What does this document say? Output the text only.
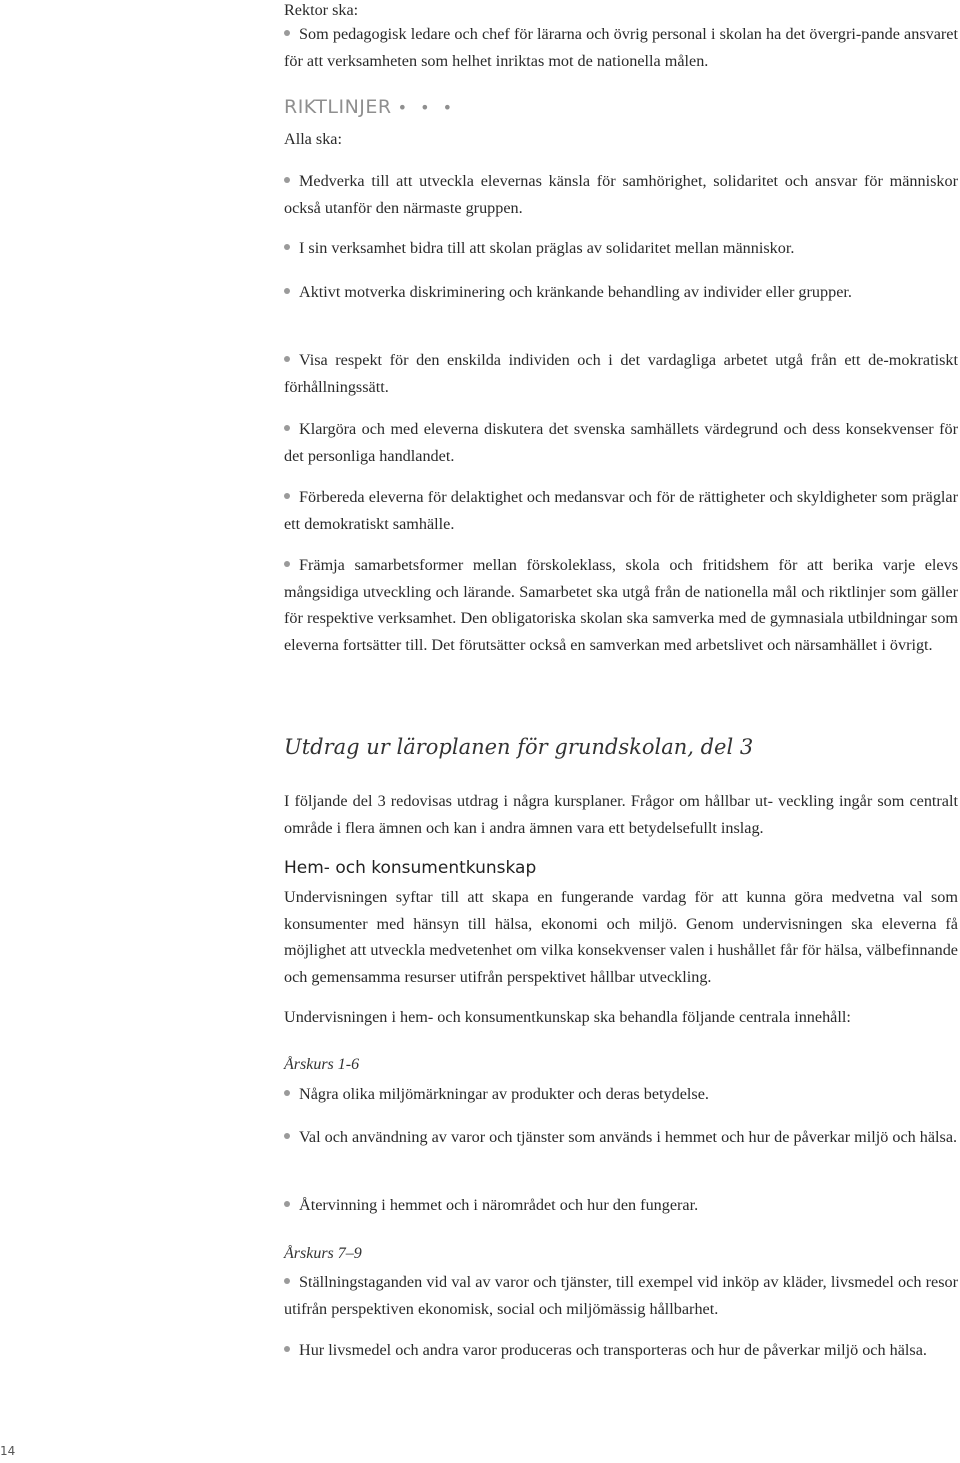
Rektor ska:

Som pedagogisk ledare och chef för lärarna och övrig personal i skolan ha det övergri-pande ansvaret för att verksamheten som helhet inriktas mot de nationella målen.

RIKTLINJER • • •

Alla ska:

Medverka till att utveckla elevernas känsla för samhörighet, solidaritet och ansvar för människor också utanför den närmaste gruppen.

I sin verksamhet bidra till att skolan präglas av solidaritet mellan människor.

Aktivt motverka diskriminering och kränkande behandling av individer eller grupper.

Visa respekt för den enskilda individen och i det vardagliga arbetet utgå från ett de-mokratiskt förhållningssätt.

Klargöra och med eleverna diskutera det svenska samhällets värdegrund och dess konsekvenser för det personliga handlandet.

Förbereda eleverna för delaktighet och medansvar och för de rättigheter och skyldigheter som präglar ett demokratiskt samhälle.

Främja samarbetsformer mellan förskoleklass, skola och fritidshem för att berika varje elevs mångsidiga utveckling och lärande. Samarbetet ska utgå från de nationella mål och riktlinjer som gäller för respektive verksamhet. Den obligatoriska skolan ska samverka med de gymnasiala utbildningar som eleverna fortsätter till. Det förutsätter också en samverkan med arbetslivet och närsamhället i övrigt.

Utdrag ur läroplanen för grundskolan, del 3

I följande del 3 redovisas utdrag i några kursplaner. Frågor om hållbar ut- veckling ingår som centralt område i flera ämnen och kan i andra ämnen vara ett betydelsefullt inslag.

Hem- och konsumentkunskap

Undervisningen syftar till att skapa en fungerande vardag för att kunna göra medvetna val som konsumenter med hänsyn till hälsa, ekonomi och miljö. Genom undervisningen ska eleverna få möjlighet att utveckla medvetenhet om vilka konsekvenser valen i hushållet får för hälsa, välbefinnande och gemensamma resurser utifrån perspektivet hållbar utveckling.

Undervisningen i hem- och konsumentkunskap ska behandla följande centrala innehåll:

Årskurs 1-6

Några olika miljömärkningar av produkter och deras betydelse.

Val och användning av varor och tjänster som används i hemmet och hur de påverkar miljö och hälsa.

Återvinning i hemmet och i närområdet och hur den fungerar.

Årskurs 7–9

Ställningstaganden vid val av varor och tjänster, till exempel vid inköp av kläder, livsmedel och resor utifrån perspektiven ekonomisk, social och miljömässig hållbarhet.

Hur livsmedel och andra varor produceras och transporteras och hur de påverkar miljö och hälsa.

14
